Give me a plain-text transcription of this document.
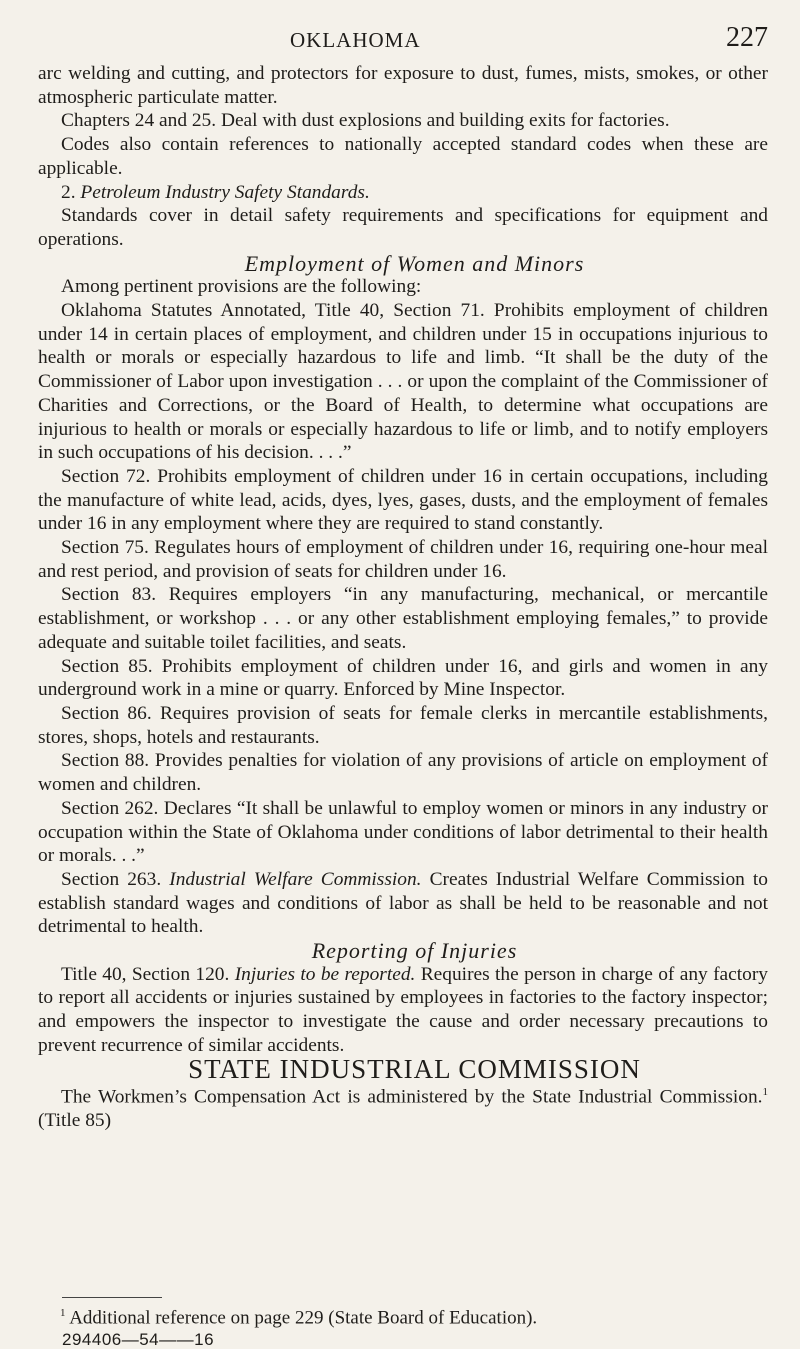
OKLAHOMA	227

arc welding and cutting, and protectors for exposure to dust, fumes, mists, smokes, or other atmospheric particulate matter.

Chapters 24 and 25. Deal with dust explosions and building exits for factories.

Codes also contain references to nationally accepted standard codes when these are applicable.

2. Petroleum Industry Safety Standards.

Standards cover in detail safety requirements and specifications for equipment and operations.

Employment of Women and Minors

Among pertinent provisions are the following:

Oklahoma Statutes Annotated, Title 40, Section 71. Prohibits employment of children under 14 in certain places of employment, and children under 15 in occupations injurious to health or morals or especially hazardous to life and limb. “It shall be the duty of the Commissioner of Labor upon investigation . . . or upon the complaint of the Commissioner of Charities and Corrections, or the Board of Health, to determine what occupations are injurious to health or morals or especially hazardous to life or limb, and to notify employers in such occupations of his decision. . . .”

Section 72. Prohibits employment of children under 16 in certain occupations, including the manufacture of white lead, acids, dyes, lyes, gases, dusts, and the employment of females under 16 in any employment where they are required to stand constantly.

Section 75. Regulates hours of employment of children under 16, requiring one-hour meal and rest period, and provision of seats for children under 16.

Section 83. Requires employers “in any manufacturing, mechanical, or mercantile establishment, or workshop . . . or any other establishment employing females,” to provide adequate and suitable toilet facilities, and seats.

Section 85. Prohibits employment of children under 16, and girls and women in any underground work in a mine or quarry. Enforced by Mine Inspector.

Section 86. Requires provision of seats for female clerks in mercantile establishments, stores, shops, hotels and restaurants.

Section 88. Provides penalties for violation of any provisions of article on employment of women and children.

Section 262. Declares “It shall be unlawful to employ women or minors in any industry or occupation within the State of Oklahoma under conditions of labor detrimental to their health or morals. . .”

Section 263. Industrial Welfare Commission. Creates Industrial Welfare Commission to establish standard wages and conditions of labor as shall be held to be reasonable and not detrimental to health.

Reporting of Injuries

Title 40, Section 120. Injuries to be reported. Requires the person in charge of any factory to report all accidents or injuries sustained by employees in factories to the factory inspector; and empowers the inspector to investigate the cause and order necessary precautions to prevent recurrence of similar accidents.

STATE INDUSTRIAL COMMISSION

The Workmen’s Compensation Act is administered by the State Industrial Commission.$^1$ (Title 85)

$^1$ Additional reference on page 229 (State Board of Education).
294406—54——16
